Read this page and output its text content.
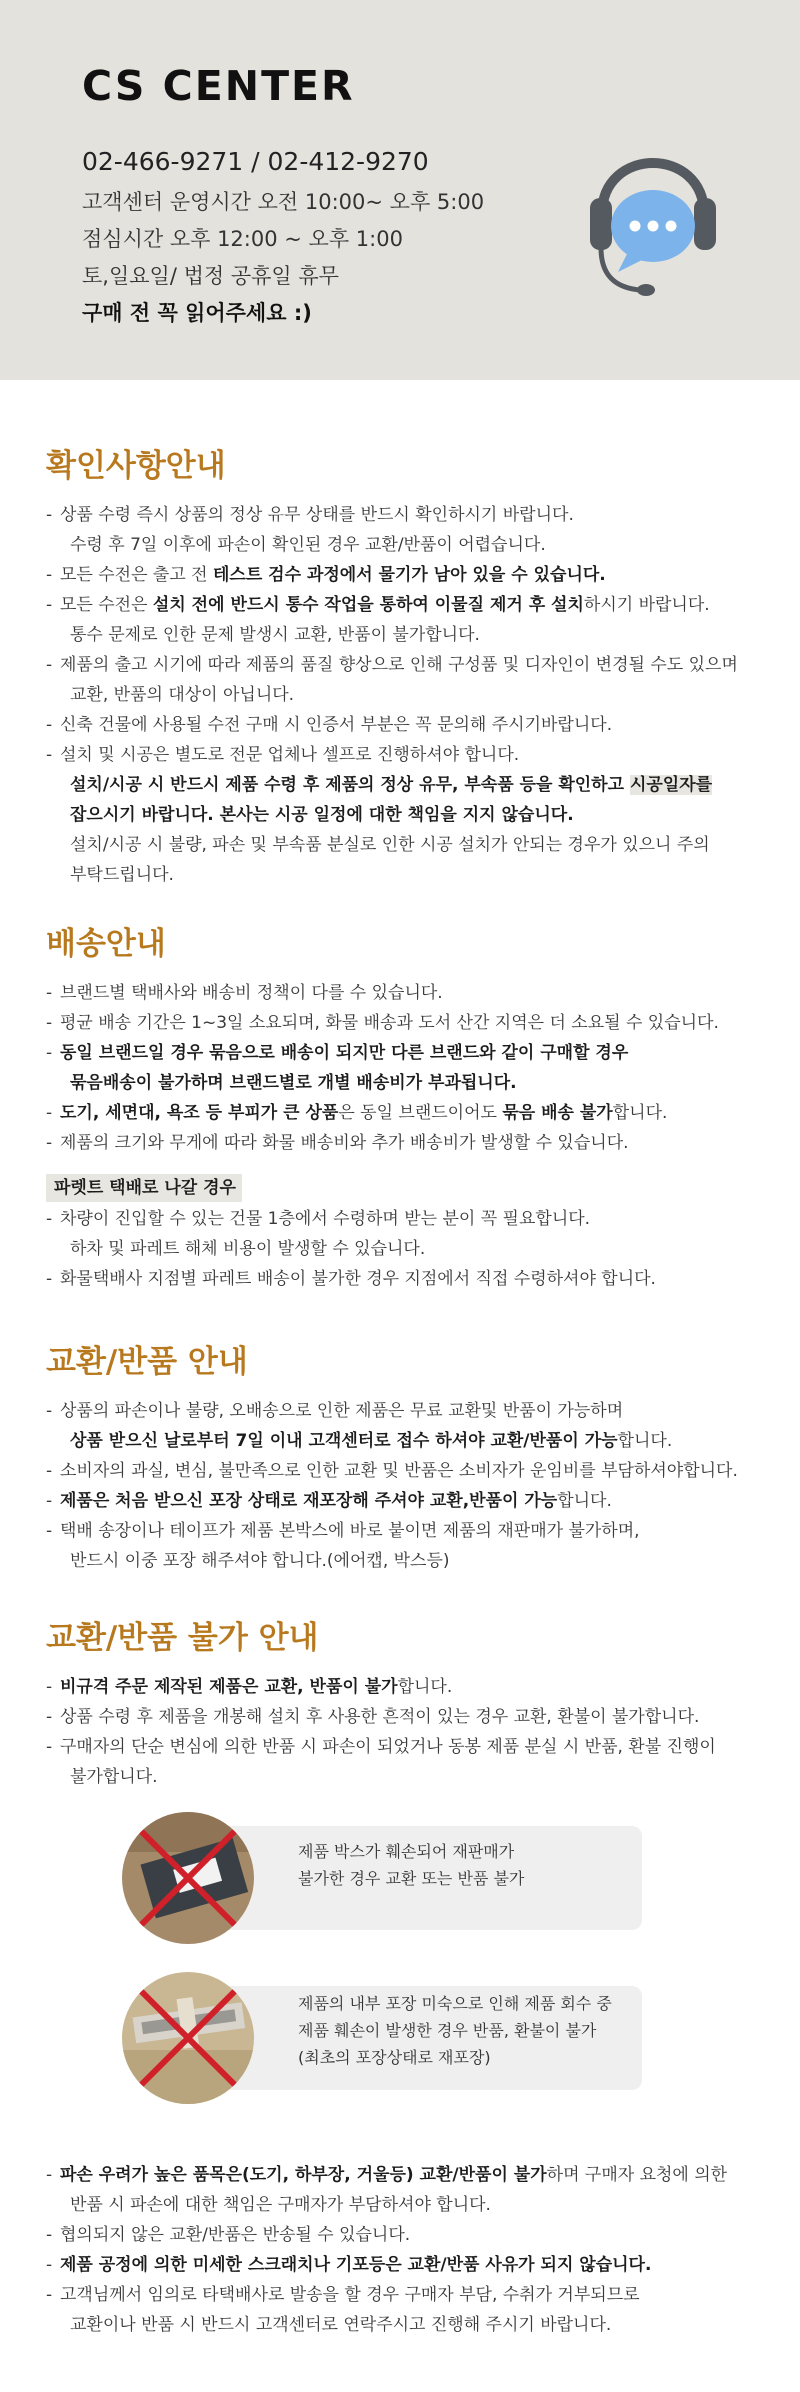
CS CENTER
02-466-9271 / 02-412-9270
고객센터 운영시간 오전 10:00~ 오후 5:00
점심시간 오후 12:00 ~ 오후 1:00
토,일요일/ 법정 공휴일 휴무
구매 전 꼭 읽어주세요 :)
확인사항안내
- 상품 수령 즉시 상품의 정상 유무 상태를 반드시 확인하시기 바랍니다.
수령 후 7일 이후에 파손이 확인된 경우 교환/반품이 어렵습니다.
- 모든 수전은 출고 전 테스트 검수 과정에서 물기가 남아 있을 수 있습니다.
- 모든 수전은 설치 전에 반드시 통수 작업을 통하여 이물질 제거 후 설치하시기 바랍니다.
통수 문제로 인한 문제 발생시 교환, 반품이 불가합니다.
- 제품의 출고 시기에 따라 제품의 품질 향상으로 인해 구성품 및 디자인이 변경될 수도 있으며
교환, 반품의 대상이 아닙니다.
- 신축 건물에 사용될 수전 구매 시 인증서 부분은 꼭 문의해 주시기바랍니다.
- 설치 및 시공은 별도로 전문 업체나 셀프로 진행하셔야 합니다.
설치/시공 시 반드시 제품 수령 후 제품의 정상 유무, 부속품 등을 확인하고 시공일자를
잡으시기 바랍니다. 본사는 시공 일정에 대한 책임을 지지 않습니다.
설치/시공 시 불량, 파손 및 부속품 분실로 인한 시공 설치가 안되는 경우가 있으니 주의
부탁드립니다.
배송안내
- 브랜드별 택배사와 배송비 정책이 다를 수 있습니다.
- 평균 배송 기간은 1~3일 소요되며, 화물 배송과 도서 산간 지역은 더 소요될 수 있습니다.
- 동일 브랜드일 경우 묶음으로 배송이 되지만 다른 브랜드와 같이 구매할 경우
묶음배송이 불가하며 브랜드별로 개별 배송비가 부과됩니다.
- 도기, 세면대, 욕조 등 부피가 큰 상품은 동일 브랜드이어도 묶음 배송 불가합니다.
- 제품의 크기와 무게에 따라 화물 배송비와 추가 배송비가 발생할 수 있습니다.
파렛트 택배로 나갈 경우
- 차량이 진입할 수 있는 건물 1층에서 수령하며 받는 분이 꼭 필요합니다.
하차 및 파레트 해체 비용이 발생할 수 있습니다.
- 화물택배사 지점별 파레트 배송이 불가한 경우 지점에서 직접 수령하셔야 합니다.
교환/반품 안내
- 상품의 파손이나 불량, 오배송으로 인한 제품은 무료 교환및 반품이 가능하며
상품 받으신 날로부터 7일 이내 고객센터로 접수 하셔야 교환/반품이 가능합니다.
- 소비자의 과실, 변심, 불만족으로 인한 교환 및 반품은 소비자가 운임비를 부담하셔야합니다.
- 제품은 처음 받으신 포장 상태로 재포장해 주셔야 교환,반품이 가능합니다.
- 택배 송장이나 테이프가 제품 본박스에 바로 붙이면 제품의 재판매가 불가하며,
반드시 이중 포장 해주셔야 합니다.(에어캡, 박스등)
교환/반품 불가 안내
- 비규격 주문 제작된 제품은 교환, 반품이 불가합니다.
- 상품 수령 후 제품을 개봉해 설치 후 사용한 흔적이 있는 경우 교환, 환불이 불가합니다.
- 구매자의 단순 변심에 의한 반품 시 파손이 되었거나 동봉 제품 분실 시 반품, 환불 진행이
불가합니다.
제품 박스가 훼손되어 재판매가
불가한 경우 교환 또는 반품 불가
제품의 내부 포장 미숙으로 인해 제품 회수 중
제품 훼손이 발생한 경우 반품, 환불이 불가
(최초의 포장상태로 재포장)
- 파손 우려가 높은 품목은(도기, 하부장, 거울등) 교환/반품이 불가하며 구매자 요청에 의한
반품 시 파손에 대한 책임은 구매자가 부담하셔야 합니다.
- 협의되지 않은 교환/반품은 반송될 수 있습니다.
- 제품 공정에 의한 미세한 스크래치나 기포등은 교환/반품 사유가 되지 않습니다.
- 고객님께서 임의로 타택배사로 발송을 할 경우 구매자 부담, 수취가 거부되므로
교환이나 반품 시 반드시 고객센터로 연락주시고 진행해 주시기 바랍니다.
